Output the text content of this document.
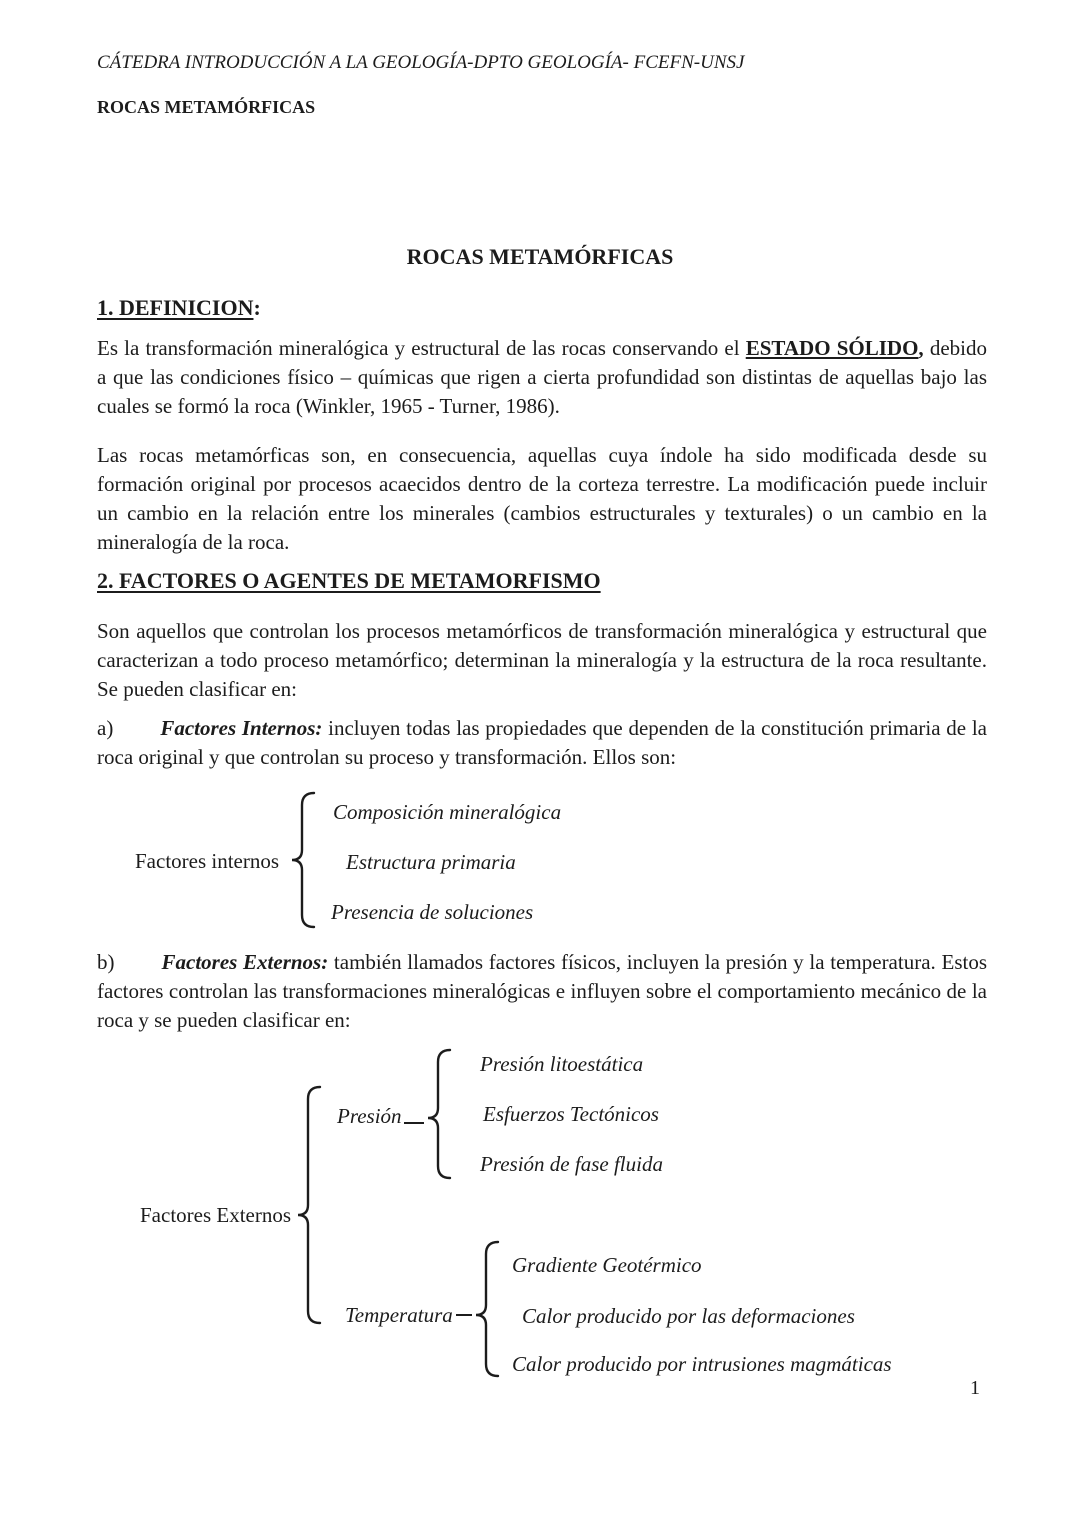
CÁTEDRA INTRODUCCIÓN A LA GEOLOGÍA-DPTO GEOLOGÍA- FCEFN-UNSJ
ROCAS METAMÓRFICAS
ROCAS METAMÓRFICAS
1. DEFINICION:
Es la transformación mineralógica y estructural de las rocas conservando el ESTADO SÓLIDO, debido a que las condiciones físico – químicas que rigen a cierta profundidad son distintas de aquellas bajo las cuales se formó la roca (Winkler, 1965 - Turner, 1986).
Las rocas metamórficas son, en consecuencia, aquellas cuya índole ha sido modificada desde su formación original por procesos acaecidos dentro de la corteza terrestre. La modificación puede incluir un cambio en la relación entre los minerales (cambios estructurales y texturales) o un cambio en la mineralogía de la roca.
2. FACTORES O AGENTES DE METAMORFISMO
Son aquellos que controlan los procesos metamórficos de transformación mineralógica y estructural que caracterizan a todo proceso metamórfico; determinan la mineralogía y la estructura de la roca resultante. Se pueden clasificar en:
a) Factores Internos: incluyen todas las propiedades que dependen de la constitución primaria de la roca original y que controlan su proceso y transformación. Ellos son:
Factores internos
Composición mineralógica
Estructura primaria
Presencia de soluciones
b) Factores Externos: también llamados factores físicos, incluyen la presión y la temperatura. Estos factores controlan las transformaciones mineralógicas e influyen sobre el comportamiento mecánico de la roca y se pueden clasificar en:
Presión litoestática
Esfuerzos Tectónicos
Presión de fase fluida
Presión
Factores Externos
Temperatura
Gradiente Geotérmico
Calor producido por las deformaciones
Calor producido por intrusiones magmáticas
1
